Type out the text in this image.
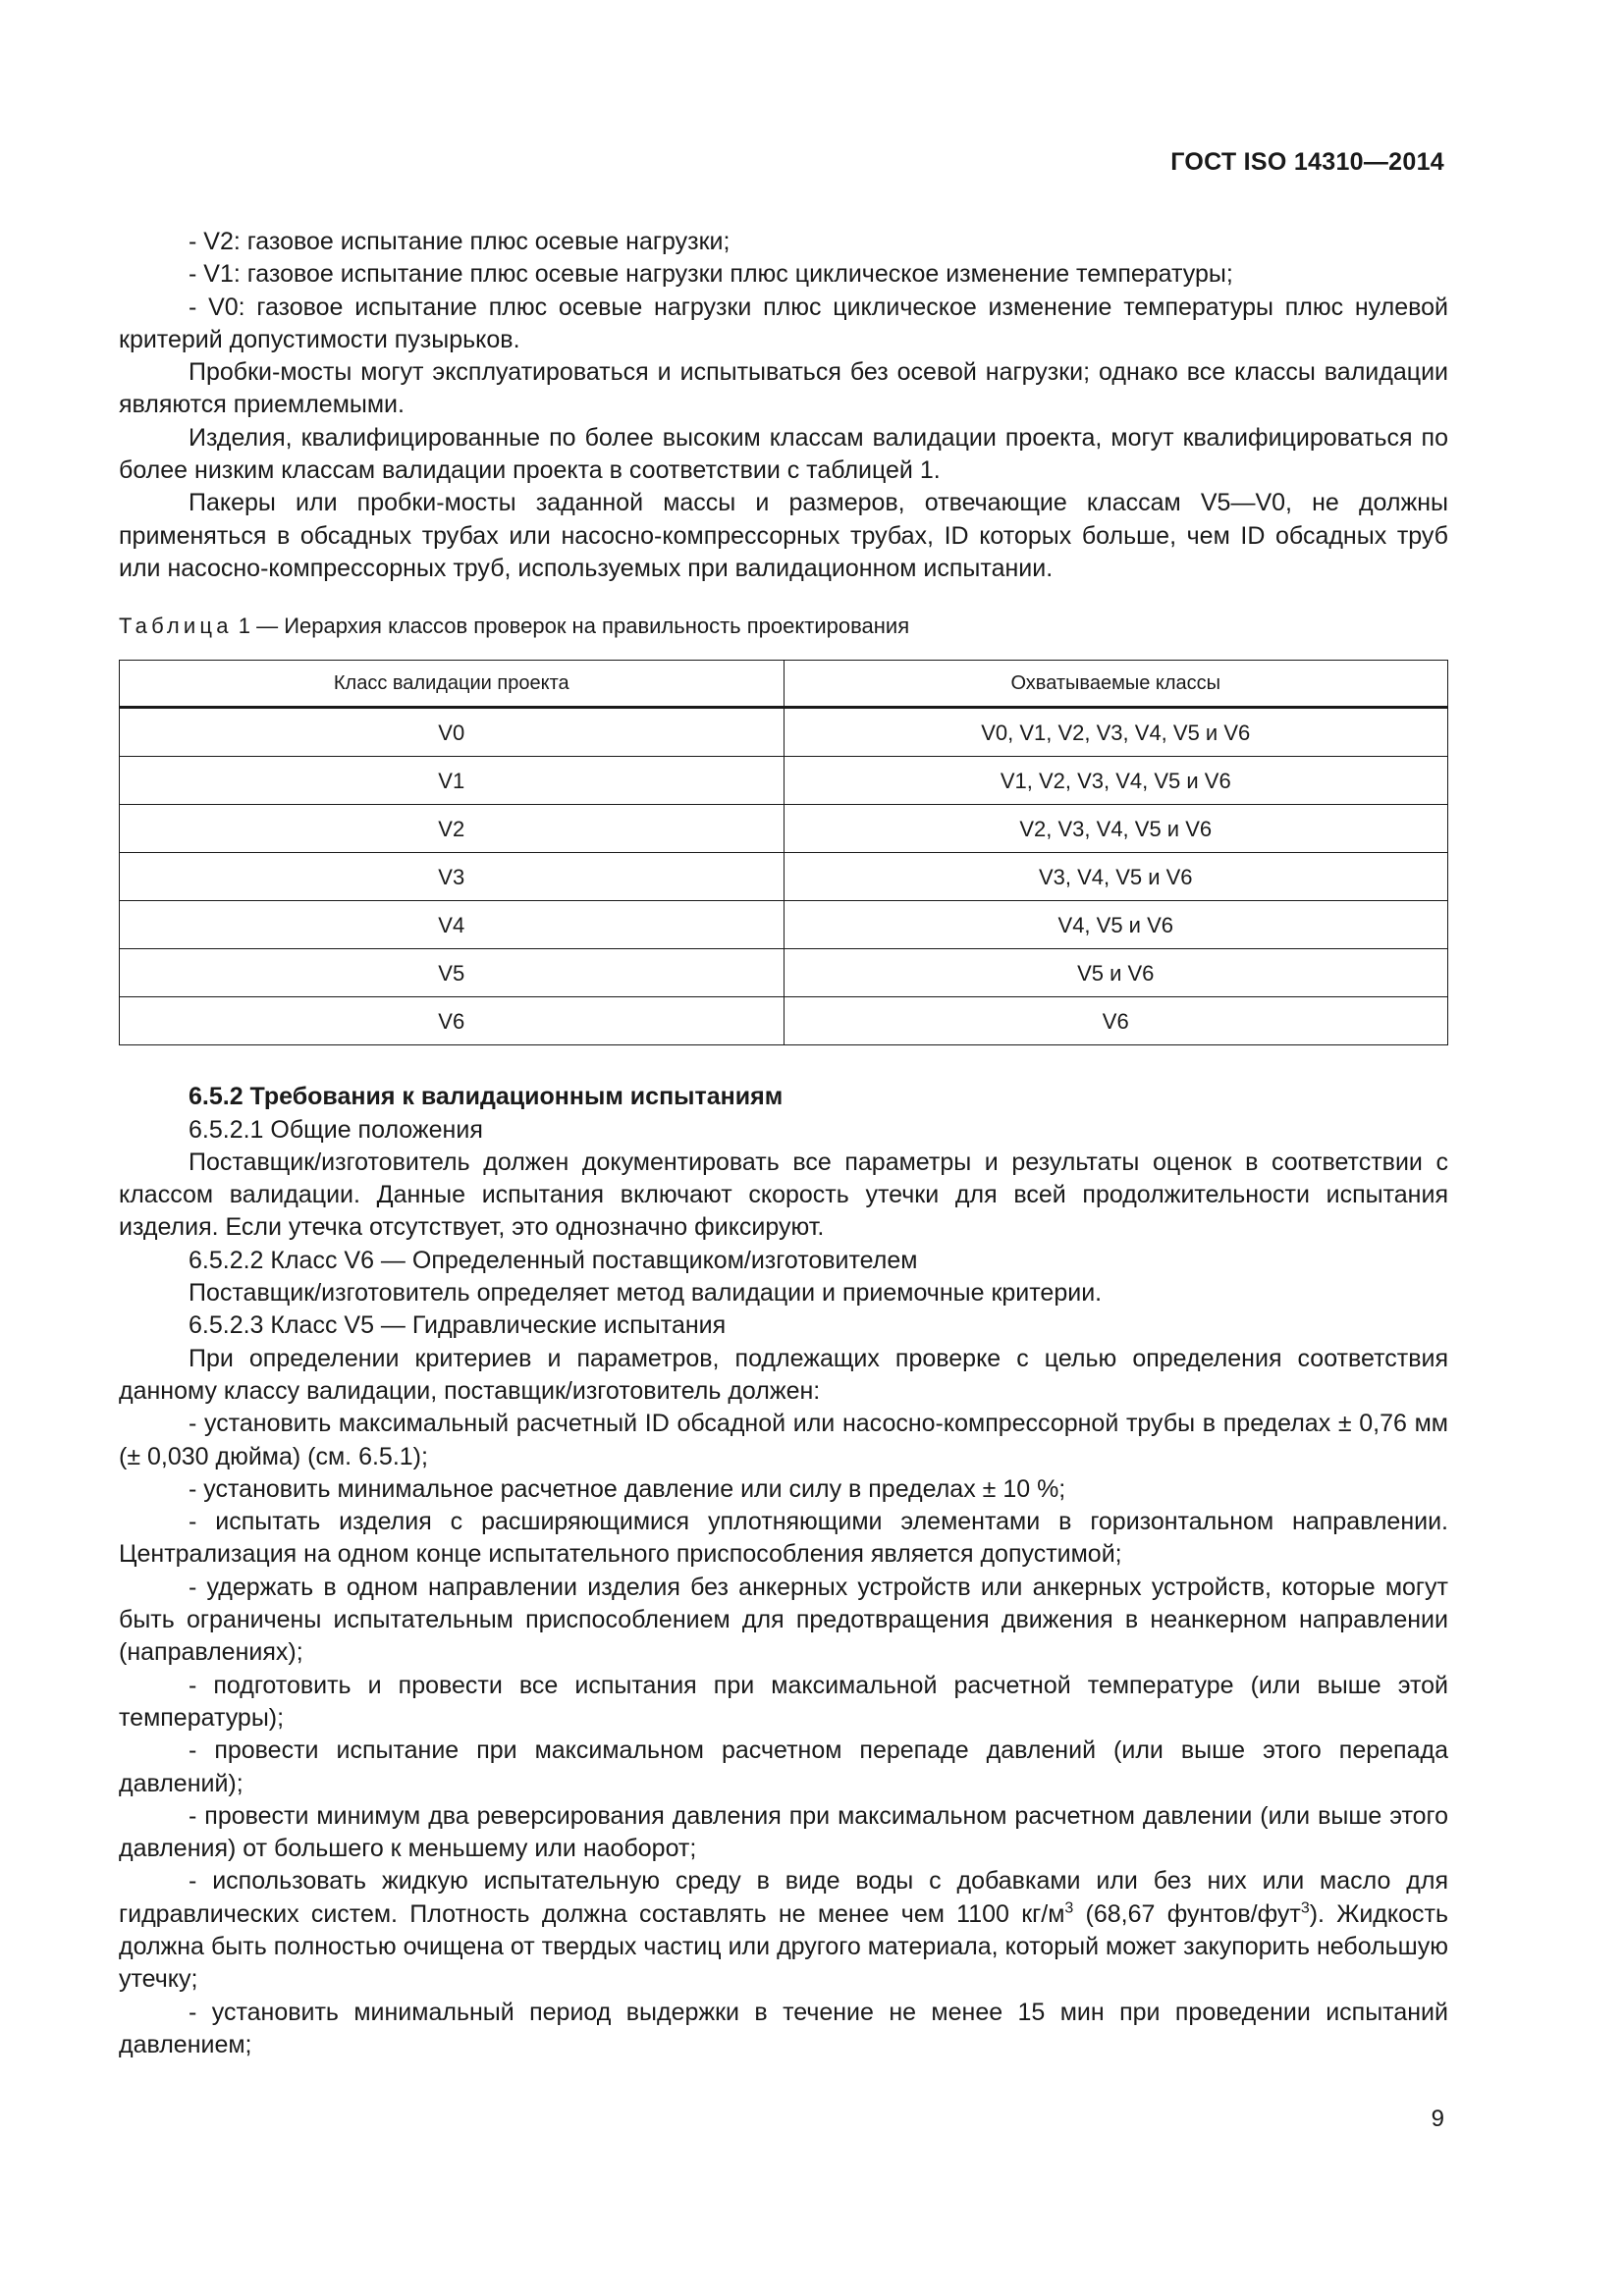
ГОСТ ISO 14310—2014

- V2: газовое испытание плюс осевые нагрузки;

- V1: газовое испытание плюс осевые нагрузки плюс циклическое изменение температуры;

- V0: газовое испытание плюс осевые нагрузки плюс циклическое изменение температуры плюс нулевой критерий допустимости пузырьков.

Пробки-мосты могут эксплуатироваться и испытываться без осевой нагрузки; однако все классы валидации являются приемлемыми.

Изделия, квалифицированные по более высоким классам валидации проекта, могут квалифицироваться по более низким классам валидации проекта в соответствии с таблицей 1.

Пакеры или пробки-мосты заданной массы и размеров, отвечающие классам V5—V0, не должны применяться в обсадных трубах или насосно-компрессорных трубах, ID которых больше, чем ID обсадных труб или насосно-компрессорных труб, используемых при валидационном испытании.

Таблица 1 — Иерархия классов проверок на правильность проектирования
Класс валидации проекта	Охватываемые классы
V0	V0, V1, V2, V3, V4, V5 и V6
V1	V1, V2, V3, V4, V5 и V6
V2	V2, V3, V4, V5 и V6
V3	V3, V4, V5 и V6
V4	V4, V5 и V6
V5	V5 и V6
V6	V6

6.5.2 Требования к валидационным испытаниям

6.5.2.1 Общие положения

Поставщик/изготовитель должен документировать все параметры и результаты оценок в соответствии с классом валидации. Данные испытания включают скорость утечки для всей продолжительности испытания изделия. Если утечка отсутствует, это однозначно фиксируют.

6.5.2.2 Класс V6 — Определенный поставщиком/изготовителем

Поставщик/изготовитель определяет метод валидации и приемочные критерии.

6.5.2.3 Класс V5 — Гидравлические испытания

При определении критериев и параметров, подлежащих проверке с целью определения соответствия данному классу валидации, поставщик/изготовитель должен:

- установить максимальный расчетный ID обсадной или насосно-компрессорной трубы в пределах ± 0,76 мм (± 0,030 дюйма) (см. 6.5.1);

- установить минимальное расчетное давление или силу в пределах ± 10 %;

- испытать изделия с расширяющимися уплотняющими элементами в горизонтальном направлении. Централизация на одном конце испытательного приспособления является допустимой;

- удержать в одном направлении изделия без анкерных устройств или анкерных устройств, которые могут быть ограничены испытательным приспособлением для предотвращения движения в неанкерном направлении (направлениях);

- подготовить и провести все испытания при максимальной расчетной температуре (или выше этой температуры);

- провести испытание при максимальном расчетном перепаде давлений (или выше этого перепада давлений);

- провести минимум два реверсирования давления при максимальном расчетном давлении (или выше этого давления) от большего к меньшему или наоборот;

- использовать жидкую испытательную среду в виде воды с добавками или без них или масло для гидравлических систем. Плотность должна составлять не менее чем 1100 $кг/м^3$ (68,67 фунтов/фут$^3$). Жидкость должна быть полностью очищена от твердых частиц или другого материала, который может закупорить небольшую утечку;

- установить минимальный период выдержки в течение не менее 15 мин при проведении испытаний давлением;

9
